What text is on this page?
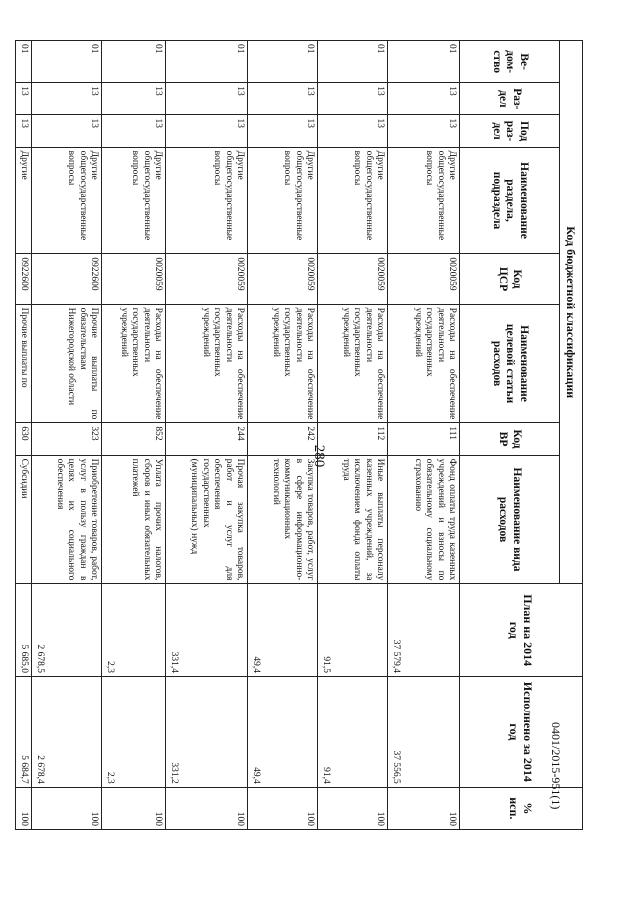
280
Код бюджетной классификации								План на 2014 год	Исполнено за 2014 год	% исп.
Ве-дом-ство	Раз-дел	Под раз-дел	Наименование раздела, подраздела	Код ЦСР	Наименование целевой статьи расходов	Код ВР	Наименование вида расходов			
01	13	13	Другие общегосударственные вопросы	0020059	Расходы на обеспечение деятельности государственных учреждений	111	Фонд оплаты труда казенных учреждений и взносы по обязательному социальному страхованию	37 579,4	37 556,5	100
01	13	13	Другие общегосударственные вопросы	0020059	Расходы на обеспечение деятельности государственных учреждений	112	Иные выплаты персоналу казенных учреждений, за исключением фонда оплаты труда	91,5	91,4	100
01	13	13	Другие общегосударственные вопросы	0020059	Расходы на обеспечение деятельности государственных учреждений	242	Закупка товаров, работ, услуг в сфере информационно-коммуникационных технологий	49,4	49,4	100
01	13	13	Другие общегосударственные вопросы	0020059	Расходы на обеспечение деятельности государственных учреждений	244	Прочая закупка товаров, работ и услуг для обеспечения государственных (муниципальных) нужд	331,4	331,2	100
01	13	13	Другие общегосударственные вопросы	0020059	Расходы на обеспечение деятельности государственных учреждений	852	Уплата прочих налогов, сборов и иных обязательных платежей	2,3	2,3	100
01	13	13	Другие общегосударственные вопросы	0922600	Прочие выплаты по обязательствам Нижегородской области	323	Приобретение товаров, работ, услуг в пользу граждан в целях их социального обеспечения	2 678,5	2 678,4	100
01	13	13	Другие	0922600	Прочие выплаты по	630	Субсидии	5 685,0	5 684,7	100
0401/2015-951(1)
